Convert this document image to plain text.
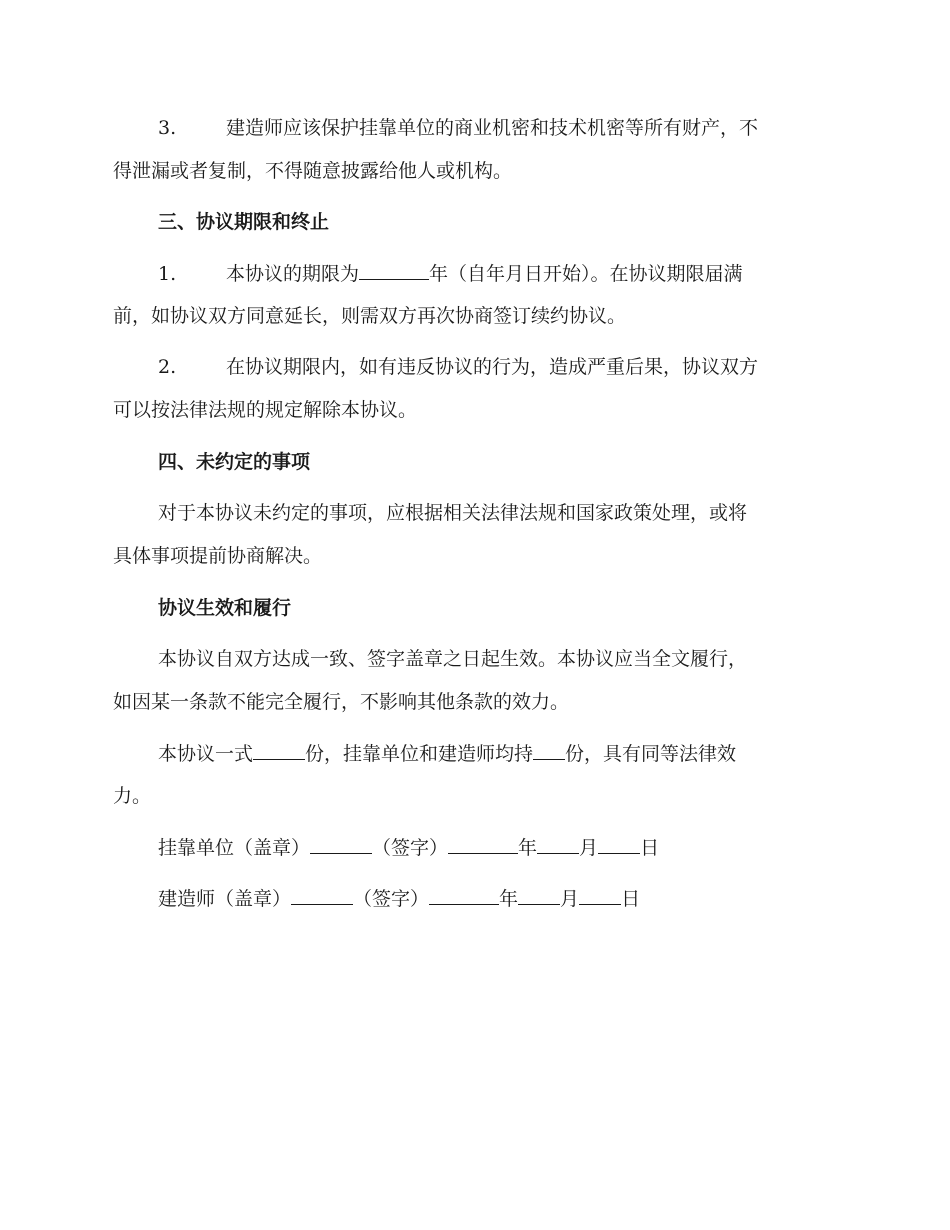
3.	建造师应该保护挂靠单位的商业机密和技术机密等所有财产，不
得泄漏或者复制，不得随意披露给他人或机构。
三、协议期限和终止
1.	本协议的期限为	年（自年月日开始）。在协议期限届满
前，如协议双方同意延长，则需双方再次协商签订续约协议。
2.	在协议期限内，如有违反协议的行为，造成严重后果，协议双方
可以按法律法规的规定解除本协议。
四、未约定的事项
对于本协议未约定的事项，应根据相关法律法规和国家政策处理，或将
具体事项提前协商解决。
协议生效和履行
本协议自双方达成一致、签字盖章之日起生效。本协议应当全文履行，
如因某一条款不能完全履行，不影响其他条款的效力。
本协议一式	份，挂靠单位和建造师均持 份，具有同等法律效
力。
挂靠单位（盖章）	（签字）	年 月 日
建造师（盖章）	（签字）	年 月 日
